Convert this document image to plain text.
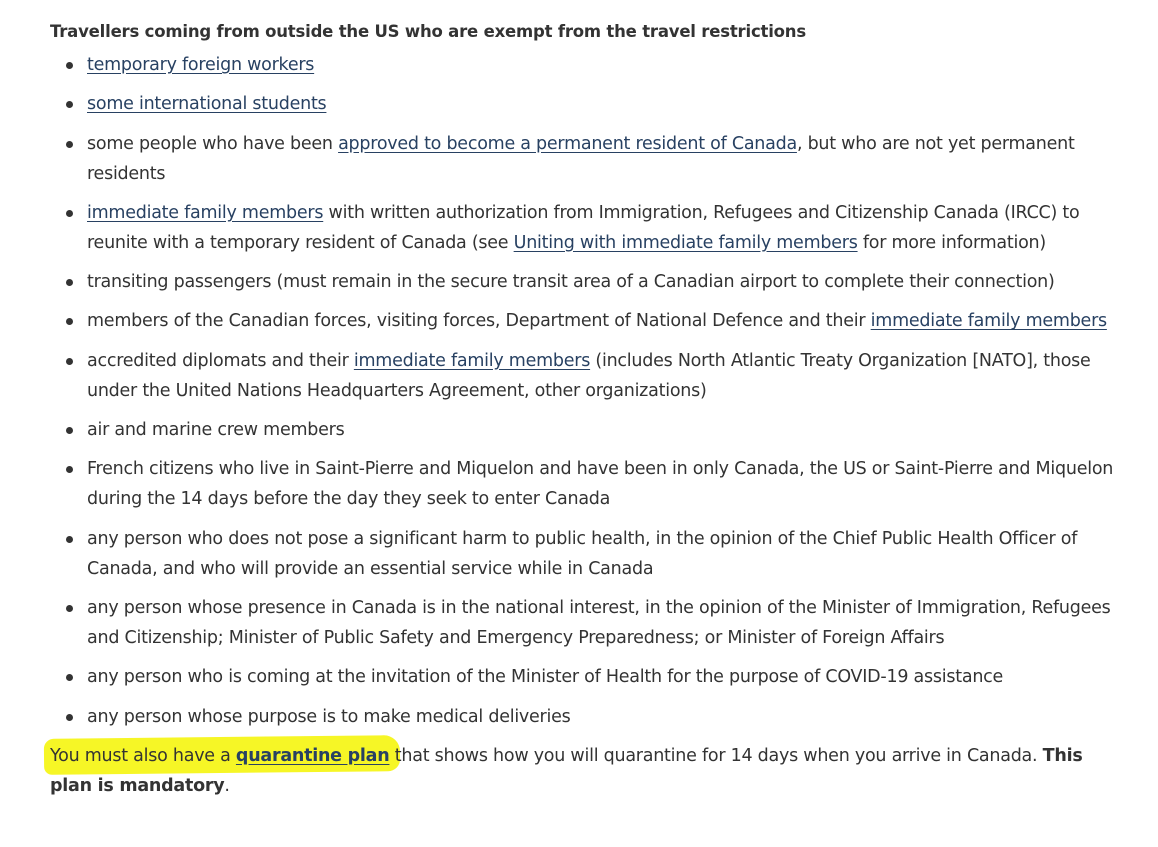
Travellers coming from outside the US who are exempt from the travel restrictions
temporary foreign workers
some international students
some people who have been approved to become a permanent resident of Canada, but who are not yet permanent residents
immediate family members with written authorization from Immigration, Refugees and Citizenship Canada (IRCC) to reunite with a temporary resident of Canada (see Uniting with immediate family members for more information)
transiting passengers (must remain in the secure transit area of a Canadian airport to complete their connection)
members of the Canadian forces, visiting forces, Department of National Defence and their immediate family members
accredited diplomats and their immediate family members (includes North Atlantic Treaty Organization [NATO], those under the United Nations Headquarters Agreement, other organizations)
air and marine crew members
French citizens who live in Saint-Pierre and Miquelon and have been in only Canada, the US or Saint-Pierre and Miquelon during the 14 days before the day they seek to enter Canada
any person who does not pose a significant harm to public health, in the opinion of the Chief Public Health Officer of Canada, and who will provide an essential service while in Canada
any person whose presence in Canada is in the national interest, in the opinion of the Minister of Immigration, Refugees and Citizenship; Minister of Public Safety and Emergency Preparedness; or Minister of Foreign Affairs
any person who is coming at the invitation of the Minister of Health for the purpose of COVID-19 assistance
any person whose purpose is to make medical deliveries
You must also have a quarantine plan that shows how you will quarantine for 14 days when you arrive in Canada. This plan is mandatory.
